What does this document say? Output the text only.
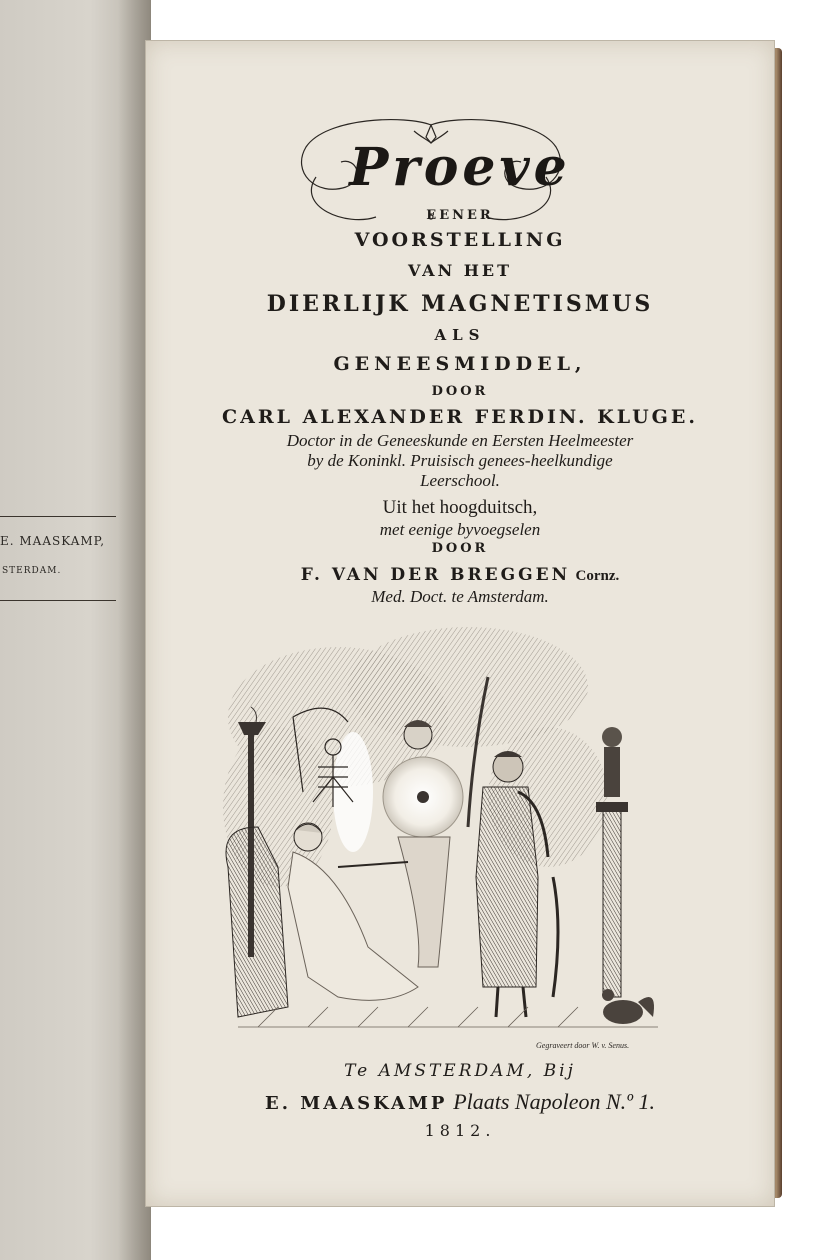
E. MAASKAMP,
STERDAM.
Proeve
EENER
VOORSTELLING
VAN HET
DIERLIJK MAGNETISMUS
ALS
GENEESMIDDEL,
DOOR
CARL ALEXANDER FERDIN. KLUGE.
Doctor in de Geneeskunde en Eersten Heelmeester
by de Koninkl. Pruisisch genees-heelkundige
Leerschool.
Uit het hoogduitsch,
met eenige byvoegselen
DOOR
F. VAN DER BREGGEN Cornz.
Med. Doct. te Amsterdam.
Gegraveert door W. v. Senus.
Te AMSTERDAM, Bij
E. MAASKAMP Plaats Napoleon N.º 1.
1812.
